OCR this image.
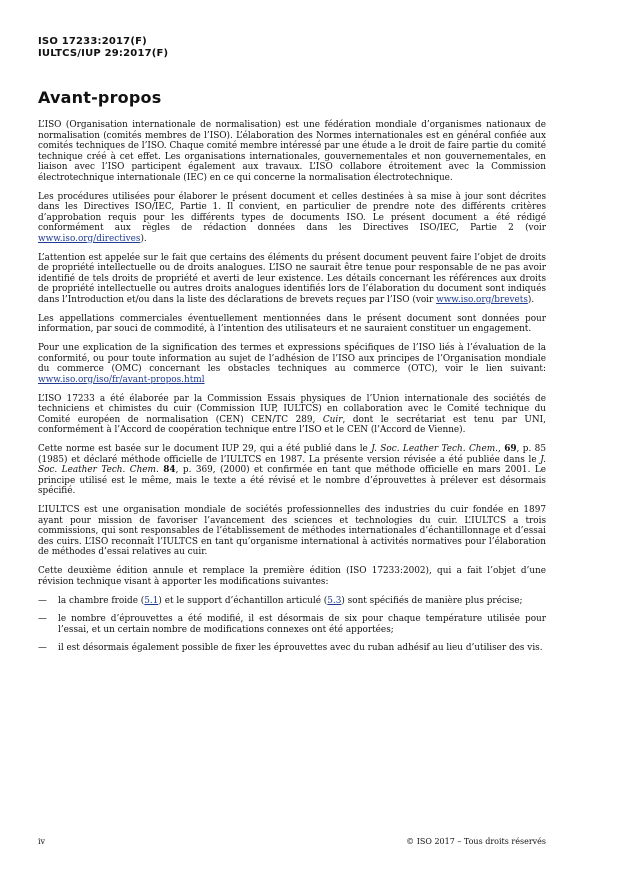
ISO 17233:2017(F)
IULTCS/IUP 29:2017(F)
Avant-propos

L’ISO (Organisation internationale de normalisation) est une fédération mondiale d’organismes nationaux de normalisation (comités membres de l’ISO). L’élaboration des Normes internationales est en général confiée aux comités techniques de l’ISO. Chaque comité membre intéressé par une étude a le droit de faire partie du comité technique créé à cet effet. Les organisations internationales, gouvernementales et non gouvernementales, en liaison avec l’ISO participent également aux travaux. L’ISO collabore étroitement avec la Commission électrotechnique internationale (IEC) en ce qui concerne la normalisation électrotechnique.

Les procédures utilisées pour élaborer le présent document et celles destinées à sa mise à jour sont décrites dans les Directives ISO/IEC, Partie 1. Il convient, en particulier de prendre note des différents critères d’approbation requis pour les différents types de documents ISO. Le présent document a été rédigé conformément aux règles de rédaction données dans les Directives ISO/IEC, Partie 2 (voir www.iso.org/directives).

L’attention est appelée sur le fait que certains des éléments du présent document peuvent faire l’objet de droits de propriété intellectuelle ou de droits analogues. L’ISO ne saurait être tenue pour responsable de ne pas avoir identifié de tels droits de propriété et averti de leur existence. Les détails concernant les références aux droits de propriété intellectuelle ou autres droits analogues identifiés lors de l’élaboration du document sont indiqués dans l’Introduction et/ou dans la liste des déclarations de brevets reçues par l’ISO (voir www.iso.org/brevets).

Les appellations commerciales éventuellement mentionnées dans le présent document sont données pour information, par souci de commodité, à l’intention des utilisateurs et ne sauraient constituer un engagement.

Pour une explication de la signification des termes et expressions spécifiques de l’ISO liés à l’évaluation de la conformité, ou pour toute information au sujet de l’adhésion de l’ISO aux principes de l’Organisation mondiale du commerce (OMC) concernant les obstacles techniques au commerce (OTC), voir le lien suivant: www.iso.org/iso/fr/avant-propos.html

L’ISO 17233 a été élaborée par la Commission Essais physiques de l’Union internationale des sociétés de techniciens et chimistes du cuir (Commission IUP, IULTCS) en collaboration avec le Comité technique du Comité européen de normalisation (CEN) CEN/TC 289, Cuir, dont le secrétariat est tenu par UNI, conformément à l’Accord de coopération technique entre l’ISO et le CEN (l’Accord de Vienne).

Cette norme est basée sur le document IUP 29, qui a été publié dans le J. Soc. Leather Tech. Chem., 69, p. 85 (1985) et déclaré méthode officielle de l’IULTCS en 1987. La présente version révisée a été publiée dans le J. Soc. Leather Tech. Chem. 84, p. 369, (2000) et confirmée en tant que méthode officielle en mars 2001. Le principe utilisé est le même, mais le texte a été révisé et le nombre d’éprouvettes à prélever est désormais spécifié.

L’IULTCS est une organisation mondiale de sociétés professionnelles des industries du cuir fondée en 1897 ayant pour mission de favoriser l’avancement des sciences et technologies du cuir. L’IULTCS a trois commissions, qui sont responsables de l’établissement de méthodes internationales d’échantillonnage et d’essai des cuirs. L’ISO reconnaît l’IULTCS en tant qu’organisme international à activités normatives pour l’élaboration de méthodes d’essai relatives au cuir.

Cette deuxième édition annule et remplace la première édition (ISO 17233:2002), qui a fait l’objet d’une révision technique visant à apporter les modifications suivantes:

— la chambre froide (5.1) et le support d’échantillon articulé (5.3) sont spécifiés de manière plus précise;
— le nombre d’éprouvettes a été modifié, il est désormais de six pour chaque température utilisée pour l’essai, et un certain nombre de modifications connexes ont été apportées;
— il est désormais également possible de fixer les éprouvettes avec du ruban adhésif au lieu d’utiliser des vis.
iv	© ISO 2017 – Tous droits réservés
